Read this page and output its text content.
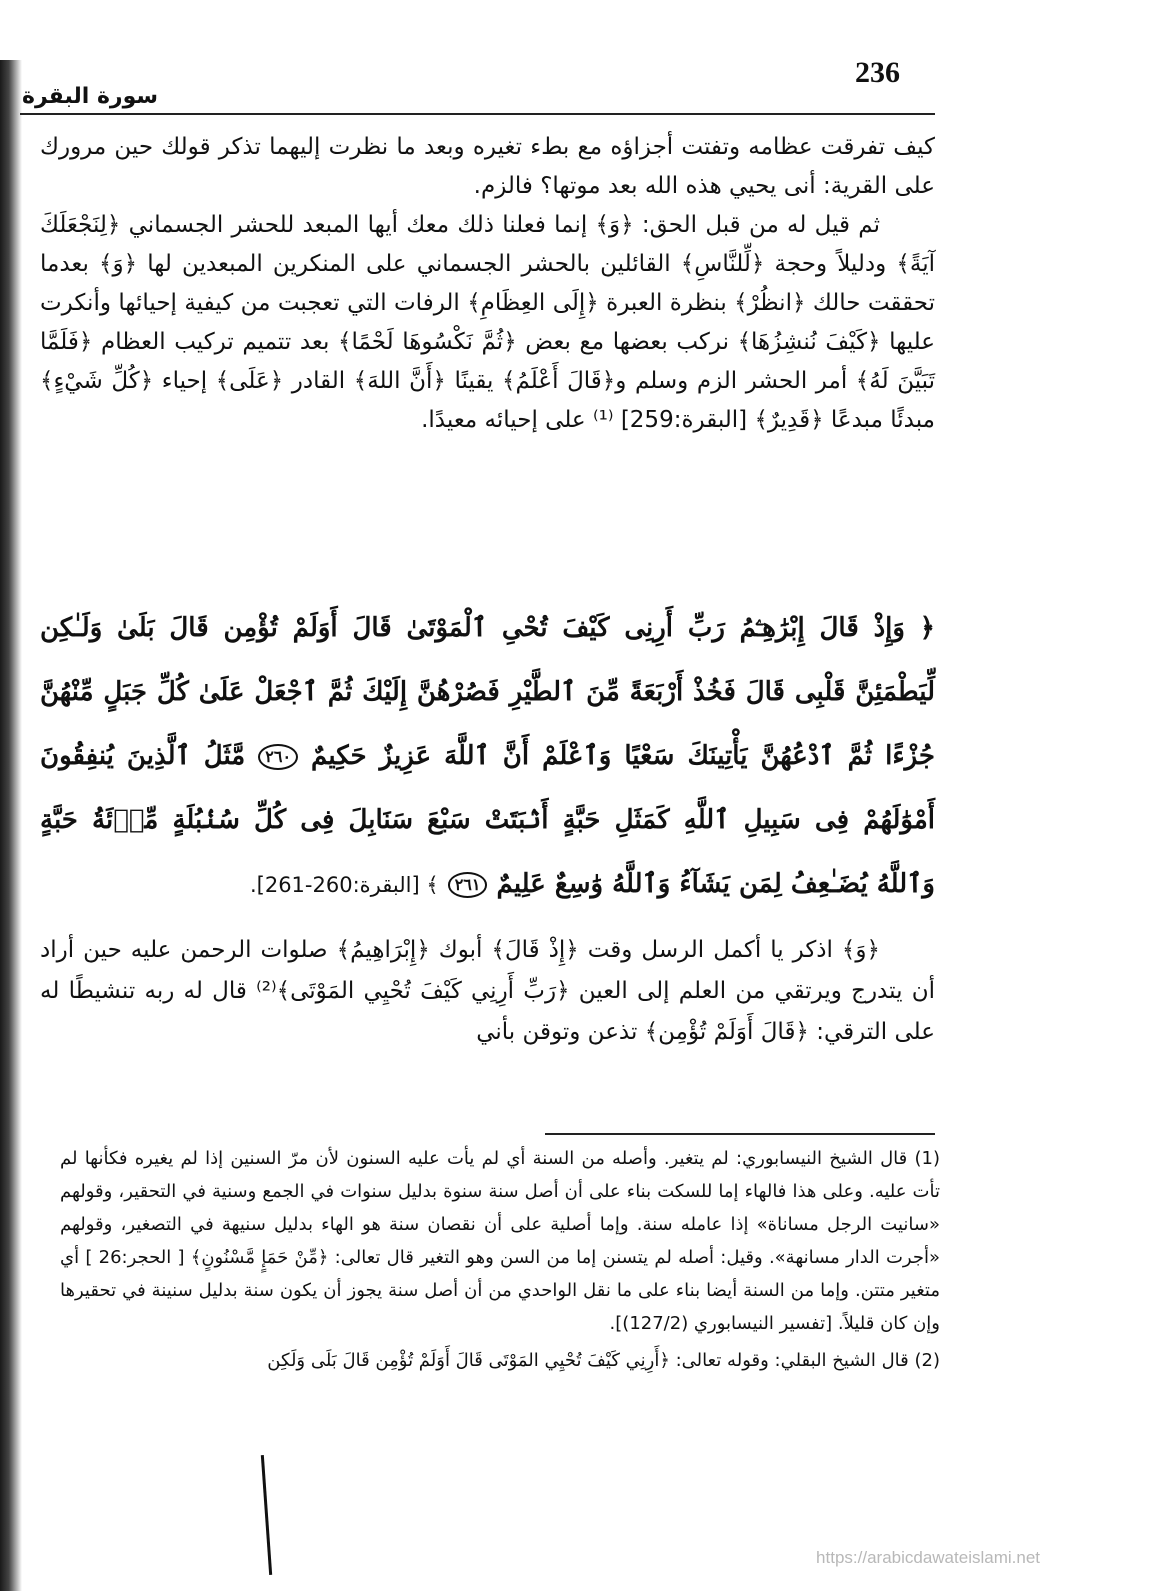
236
سورة البقرة

كيف تفرقت عظامه وتفتت أجزاؤه مع بطء تغيره وبعد ما نظرت إليهما تذكر قولك حين مرورك على القرية: أنى يحيي هذه الله بعد موتها؟ فالزم.

ثم قيل له من قبل الحق: ﴿وَ﴾ إنما فعلنا ذلك معك أيها المبعد للحشر الجسماني ﴿لِنَجْعَلَكَ آيَةً﴾ ودليلاً وحجة ﴿لِّلنَّاسِ﴾ القائلين بالحشر الجسماني على المنكرين المبعدين لها ﴿وَ﴾ بعدما تحققت حالك ﴿انظُرْ﴾ بنظرة العبرة ﴿إِلَى العِظَامِ﴾ الرفات التي تعجبت من كيفية إحيائها وأنكرت عليها ﴿كَيْفَ نُنشِزُهَا﴾ نركب بعضها مع بعض ﴿ثُمَّ نَكْسُوهَا لَحْمًا﴾ بعد تتميم تركيب العظام ﴿فَلَمَّا تَبَيَّنَ لَهُ﴾ أمر الحشر الزم وسلم و﴿قَالَ أَعْلَمُ﴾ يقينًا ﴿أَنَّ اللهَ﴾ القادر ﴿عَلَى﴾ إحياء ﴿كُلِّ شَيْءٍ﴾ مبدئًا مبدعًا ﴿قَدِيرٌ﴾ [البقرة:259] ⁽¹⁾ على إحيائه معيدًا.

﴿ وَإِذْ قَالَ إِبْرَٰهِـۧمُ رَبِّ أَرِنِى كَيْفَ تُحْىِ ٱلْمَوْتَىٰ قَالَ أَوَلَمْ تُؤْمِن قَالَ بَلَىٰ وَلَـٰكِن لِّيَطْمَئِنَّ قَلْبِى قَالَ فَخُذْ أَرْبَعَةً مِّنَ ٱلطَّيْرِ فَصُرْهُنَّ إِلَيْكَ ثُمَّ ٱجْعَلْ عَلَىٰ كُلِّ جَبَلٍ مِّنْهُنَّ جُزْءًا ثُمَّ ٱدْعُهُنَّ يَأْتِينَكَ سَعْيًا وَٱعْلَمْ أَنَّ ٱللَّهَ عَزِيزٌ حَكِيمٌ ٢٦٠ مَّثَلُ ٱلَّذِينَ يُنفِقُونَ أَمْوَٰلَهُمْ فِى سَبِيلِ ٱللَّهِ كَمَثَلِ حَبَّةٍ أَنۢبَتَتْ سَبْعَ سَنَابِلَ فِى كُلِّ سُنۢبُلَةٍ مِّا۟ئَةُ حَبَّةٍ وَٱللَّهُ يُضَـٰعِفُ لِمَن يَشَآءُ وَٱللَّهُ وَٰسِعٌ عَلِيمٌ ٢٦١ ﴾ [البقرة:260-261].

﴿وَ﴾ اذكر يا أكمل الرسل وقت ﴿إِذْ قَالَ﴾ أبوك ﴿إِبْرَاهِيمُ﴾ صلوات الرحمن عليه حين أراد أن يتدرج ويرتقي من العلم إلى العين ﴿رَبِّ أَرِنِي كَيْفَ تُحْيِي المَوْتَى﴾⁽²⁾ قال له ربه تنشيطًا له على الترقي: ﴿قَالَ أَوَلَمْ تُؤْمِن﴾ تذعن وتوقن بأني

(1) قال الشيخ النيسابوري: لم يتغير. وأصله من السنة أي لم يأت عليه السنون لأن مرّ السنين إذا لم يغيره فكأنها لم تأت عليه. وعلى هذا فالهاء إما للسكت بناء على أن أصل سنة سنوة بدليل سنوات في الجمع وسنية في التحقير، وقولهم «سانيت الرجل مساناة» إذا عامله سنة. وإما أصلية على أن نقصان سنة هو الهاء بدليل سنيهة في التصغير، وقولهم «أجرت الدار مسانهة». وقيل: أصله لم يتسنن إما من السن وهو التغير قال تعالى: ﴿مِّنْ حَمَإٍ مَّسْنُونٍ﴾ [ الحجر:26 ] أي متغير متتن. وإما من السنة أيضا بناء على ما نقل الواحدي من أن أصل سنة يجوز أن يكون سنة بدليل سنينة في تحقيرها وإن كان قليلاً. [تفسير النيسابوري (127/2)].

(2) قال الشيخ البقلي: وقوله تعالى: ﴿أَرِنِي كَيْفَ تُحْيِي المَوْتَى قَالَ أَوَلَمْ تُؤْمِن قَالَ بَلَى وَلَكِن

https://arabicdawateislami.net
